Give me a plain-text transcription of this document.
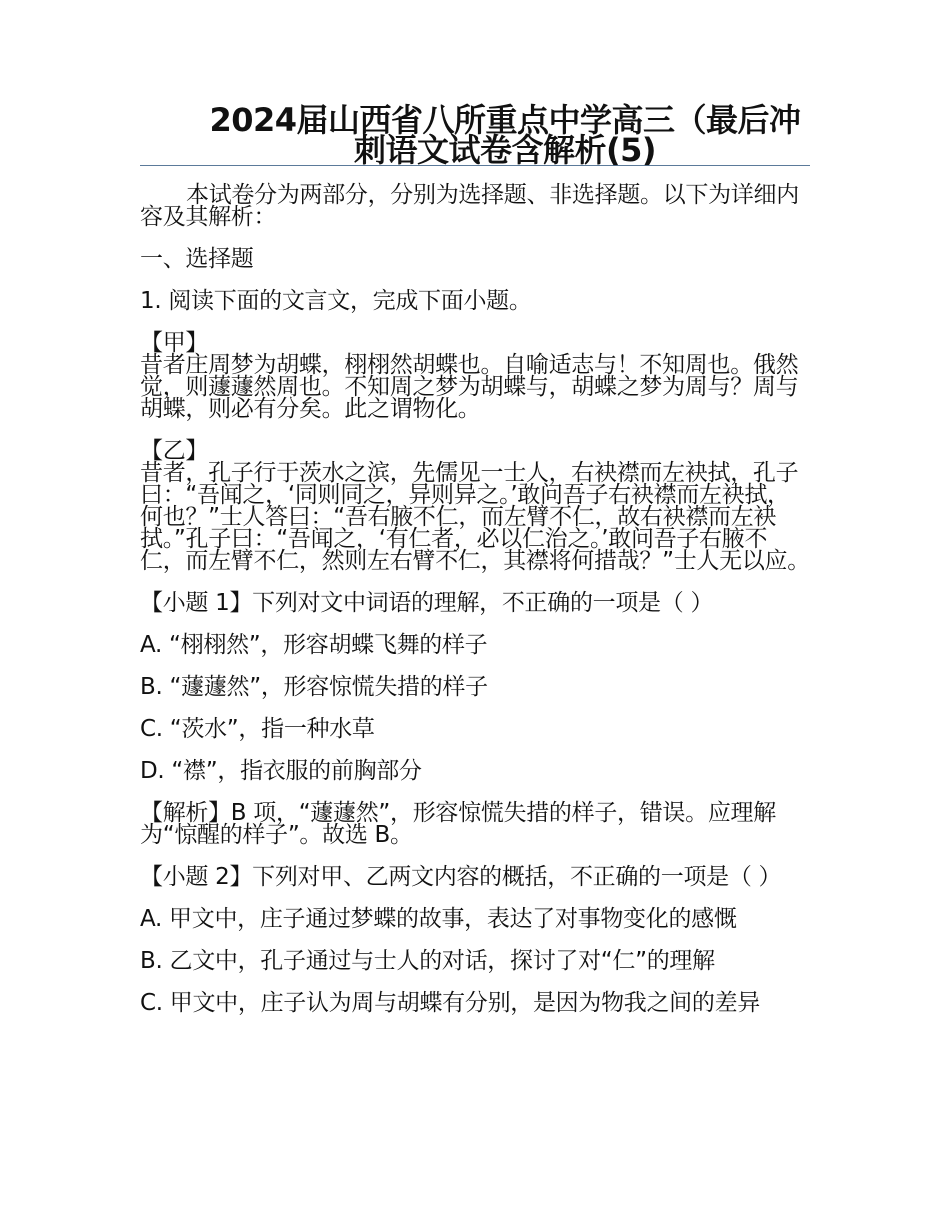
2024届山西省八所重点中学高三（最后冲刺语文试卷含解析(5)

本试卷分为两部分，分别为选择题、非选择题。以下为详细内容及其解析：

一、选择题

1. 阅读下面的文言文，完成下面小题。

【甲】

昔者庄周梦为胡蝶，栩栩然胡蝶也。自喻适志与！不知周也。俄然觉，则蘧蘧然周也。不知周之梦为胡蝶与，胡蝶之梦为周与？周与胡蝶，则必有分矣。此之谓物化。

【乙】

昔者，孔子行于茨水之滨，先儒见一士人，右袂襟而左袂拭，孔子曰：“吾闻之，‘同则同之，异则异之。’敢问吾子右袂襟而左袂拭，何也？”士人答曰：“吾右腋不仁，而左臂不仁，故右袂襟而左袂拭。”孔子曰：“吾闻之，‘有仁者，必以仁治之。’敢问吾子右腋不仁，而左臂不仁，然则左右臂不仁，其襟将何措哉？”士人无以应。

【小题 1】下列对文中词语的理解，不正确的一项是（ ）

A. “栩栩然”，形容胡蝶飞舞的样子

B. “蘧蘧然”，形容惊慌失措的样子

C. “茨水”，指一种水草

D. “襟”，指衣服的前胸部分

【解析】B 项，“蘧蘧然”，形容惊慌失措的样子，错误。应理解为“惊醒的样子”。故选 B。

【小题 2】下列对甲、乙两文内容的概括，不正确的一项是（ ）

A. 甲文中，庄子通过梦蝶的故事，表达了对事物变化的感慨

B. 乙文中，孔子通过与士人的对话，探讨了对“仁”的理解

C. 甲文中，庄子认为周与胡蝶有分别，是因为物我之间的差异
